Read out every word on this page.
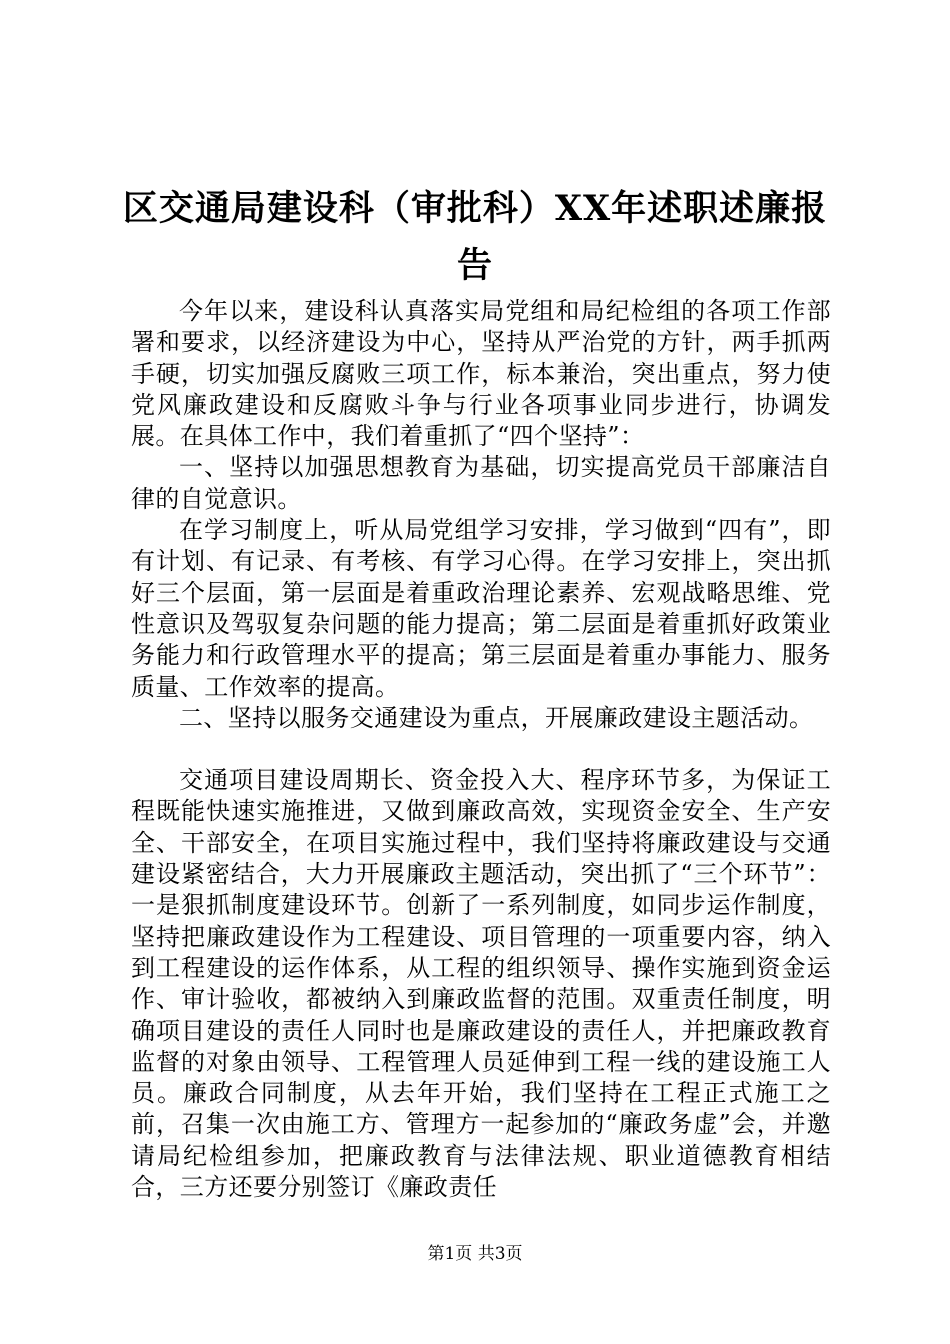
区交通局建设科（审批科）XX年述职述廉报
告

今年以来，建设科认真落实局党组和局纪检组的各项工作部署和要求，以经济建设为中心，坚持从严治党的方针，两手抓两手硬，切实加强反腐败三项工作，标本兼治，突出重点，努力使党风廉政建设和反腐败斗争与行业各项事业同步进行，协调发展。在具体工作中，我们着重抓了“四个坚持”：

一、坚持以加强思想教育为基础，切实提高党员干部廉洁自律的自觉意识。

在学习制度上，听从局党组学习安排，学习做到“四有”，即有计划、有记录、有考核、有学习心得。在学习安排上，突出抓好三个层面，第一层面是着重政治理论素养、宏观战略思维、党性意识及驾驭复杂问题的能力提高；第二层面是着重抓好政策业务能力和行政管理水平的提高；第三层面是着重办事能力、服务质量、工作效率的提高。

二、坚持以服务交通建设为重点，开展廉政建设主题活动。

交通项目建设周期长、资金投入大、程序环节多，为保证工程既能快速实施推进，又做到廉政高效，实现资金安全、生产安全、干部安全，在项目实施过程中，我们坚持将廉政建设与交通建设紧密结合，大力开展廉政主题活动，突出抓了“三个环节”：一是狠抓制度建设环节。创新了一系列制度，如同步运作制度，坚持把廉政建设作为工程建设、项目管理的一项重要内容，纳入到工程建设的运作体系，从工程的组织领导、操作实施到资金运作、审计验收，都被纳入到廉政监督的范围。双重责任制度，明确项目建设的责任人同时也是廉政建设的责任人，并把廉政教育监督的对象由领导、工程管理人员延伸到工程一线的建设施工人员。廉政合同制度，从去年开始，我们坚持在工程正式施工之前，召集一次由施工方、管理方一起参加的“廉政务虚”会，并邀请局纪检组参加，把廉政教育与法律法规、职业道德教育相结合，三方还要分别签订《廉政责任

第1页 共3页
